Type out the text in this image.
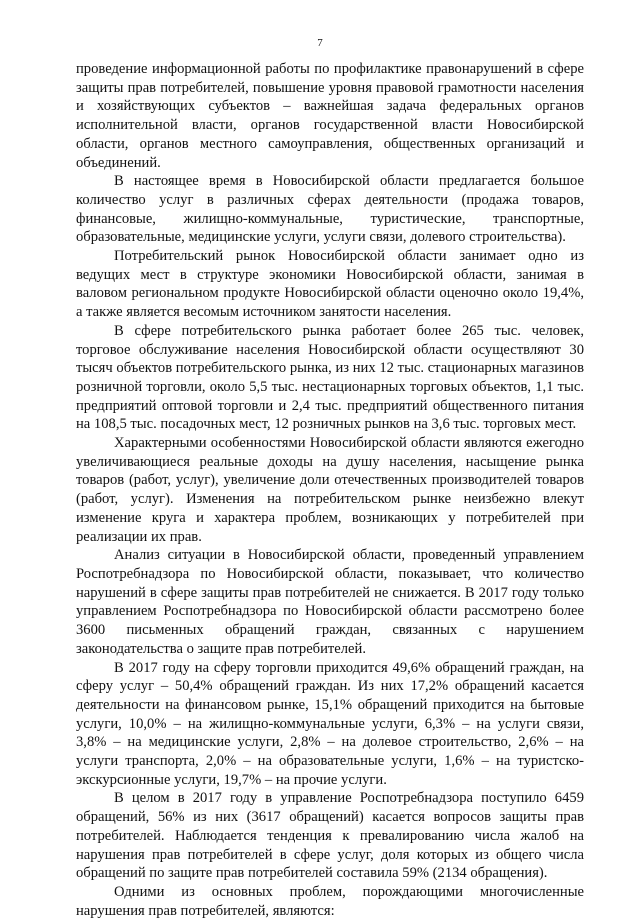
7

проведение информационной работы по профилактике правонарушений в сфере защиты прав потребителей, повышение уровня правовой грамотности населения и хозяйствующих субъектов – важнейшая задача федеральных органов исполнительной власти, органов государственной власти Новосибирской области, органов местного самоуправления, общественных организаций и объединений.

В настоящее время в Новосибирской области предлагается большое количество услуг в различных сферах деятельности (продажа товаров, финансовые, жилищно-коммунальные, туристические, транспортные, образовательные, медицинские услуги, услуги связи, долевого строительства).

Потребительский рынок Новосибирской области занимает одно из ведущих мест в структуре экономики Новосибирской области, занимая в валовом региональном продукте Новосибирской области оценочно около 19,4%, а также является весомым источником занятости населения.

В сфере потребительского рынка работает более 265 тыс. человек, торговое обслуживание населения Новосибирской области осуществляют 30 тысяч объектов потребительского рынка, из них 12 тыс. стационарных магазинов розничной торговли, около 5,5 тыс. нестационарных торговых объектов, 1,1 тыс. предприятий оптовой торговли и 2,4 тыс. предприятий общественного питания на 108,5 тыс. посадочных мест, 12 розничных рынков на 3,6 тыс. торговых мест.

Характерными особенностями Новосибирской области являются ежегодно увеличивающиеся реальные доходы на душу населения, насыщение рынка товаров (работ, услуг), увеличение доли отечественных производителей товаров (работ, услуг). Изменения на потребительском рынке неизбежно влекут изменение круга и характера проблем, возникающих у потребителей при реализации их прав.

Анализ ситуации в Новосибирской области, проведенный управлением Роспотребнадзора по Новосибирской области, показывает, что количество нарушений в сфере защиты прав потребителей не снижается. В 2017 году только управлением Роспотребнадзора по Новосибирской области рассмотрено более 3600 письменных обращений граждан, связанных с нарушением законодательства о защите прав потребителей.

В 2017 году на сферу торговли приходится 49,6% обращений граждан, на сферу услуг – 50,4% обращений граждан. Из них 17,2% обращений касается деятельности на финансовом рынке, 15,1% обращений приходится на бытовые услуги, 10,0% – на жилищно-коммунальные услуги, 6,3% – на услуги связи, 3,8% – на медицинские услуги, 2,8% – на долевое строительство, 2,6% – на услуги транспорта, 2,0% – на образовательные услуги, 1,6% – на туристско-экскурсионные услуги, 19,7% – на прочие услуги.

В целом в 2017 году в управление Роспотребнадзора поступило 6459 обращений, 56% из них (3617 обращений) касается вопросов защиты прав потребителей. Наблюдается тенденция к превалированию числа жалоб на нарушения прав потребителей в сфере услуг, доля которых из общего числа обращений по защите прав потребителей составила 59% (2134 обращения).

Одними из основных проблем, порождающими многочисленные нарушения прав потребителей, являются:
